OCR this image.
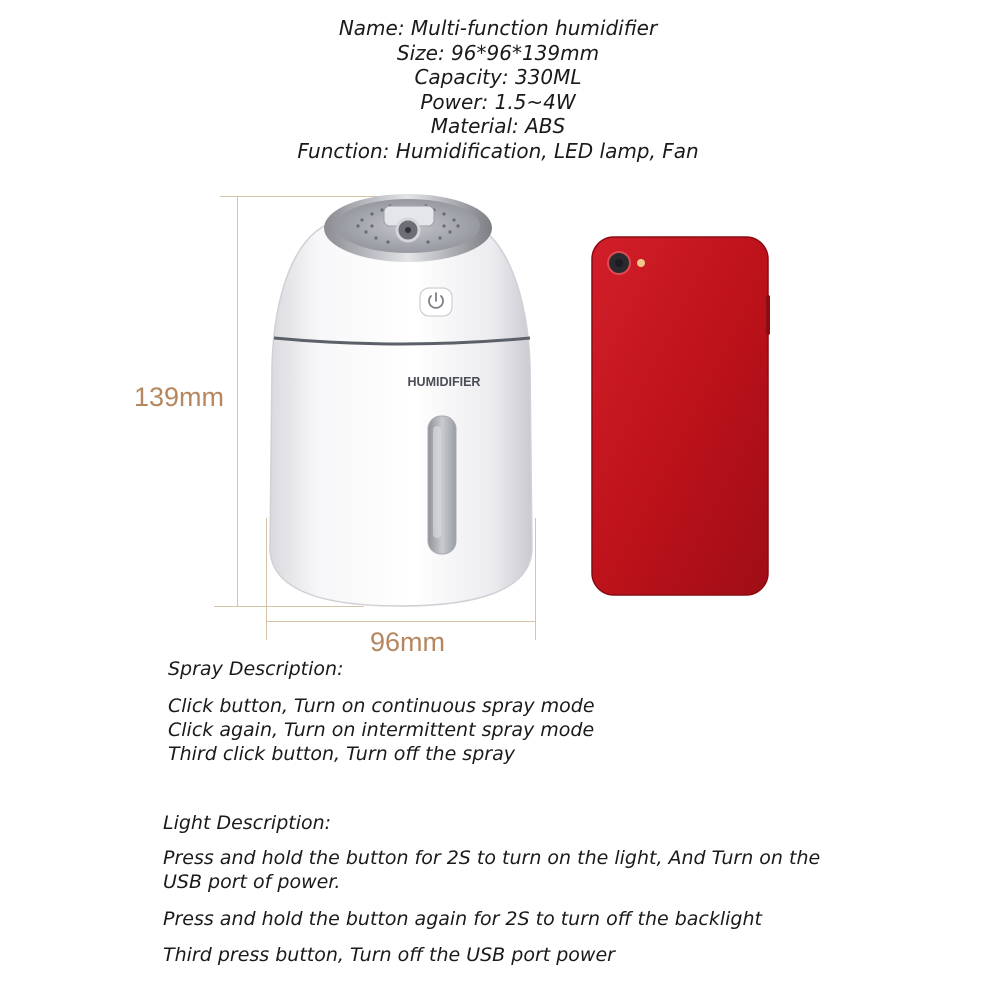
Name: Multi-function humidifier
Size: 96*96*139mm
Capacity: 330ML
Power: 1.5~4W
Material: ABS
Function: Humidification, LED lamp, Fan
139mm
96mm
HUMIDIFIER
Spray Description:
Click button, Turn on continuous spray mode
Click again, Turn on intermittent spray mode
Third click button, Turn off the spray
Light Description:
Press and hold the button for 2S to turn on the light, And Turn on the USB port of power.
Press and hold the button again for 2S to turn off the backlight
Third press button, Turn off the USB port power
